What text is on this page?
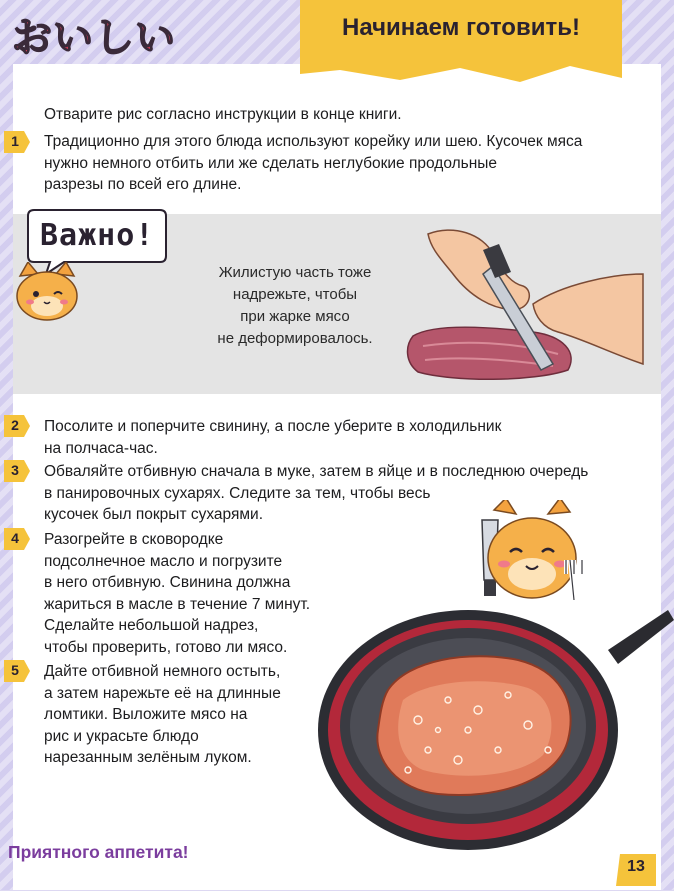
おいしい	Начинаем готовить!
Отварите рис согласно инструкции в конце книги.
1	Традиционно для этого блюда используют корейку или шею. Кусочек мяса
нужно немного отбить или же сделать неглубокие продольные
разрезы по всей его длине.
Важно!
Жилистую часть тоже
надрежьте, чтобы
при жарке мясо
не деформировалось.
2	Посолите и поперчите свинину, а после уберите в холодильник
на полчаса-час.
3	Обваляйте отбивную сначала в муке, затем в яйце и в последнюю очередь
в панировочных сухарях. Следите за тем, чтобы весь
кусочек был покрыт сухарями.
4	Разогрейте в сковородке
подсолнечное масло и погрузите
в него отбивную. Свинина должна
жариться в масле в течение 7 минут.
Сделайте небольшой надрез,
чтобы проверить, готово ли мясо.
5	Дайте отбивной немного остыть,
а затем нарежьте её на длинные
ломтики. Выложите мясо на
рис и украсьте блюдо
нарезанным зелёным луком.
Приятного аппетита!
13
